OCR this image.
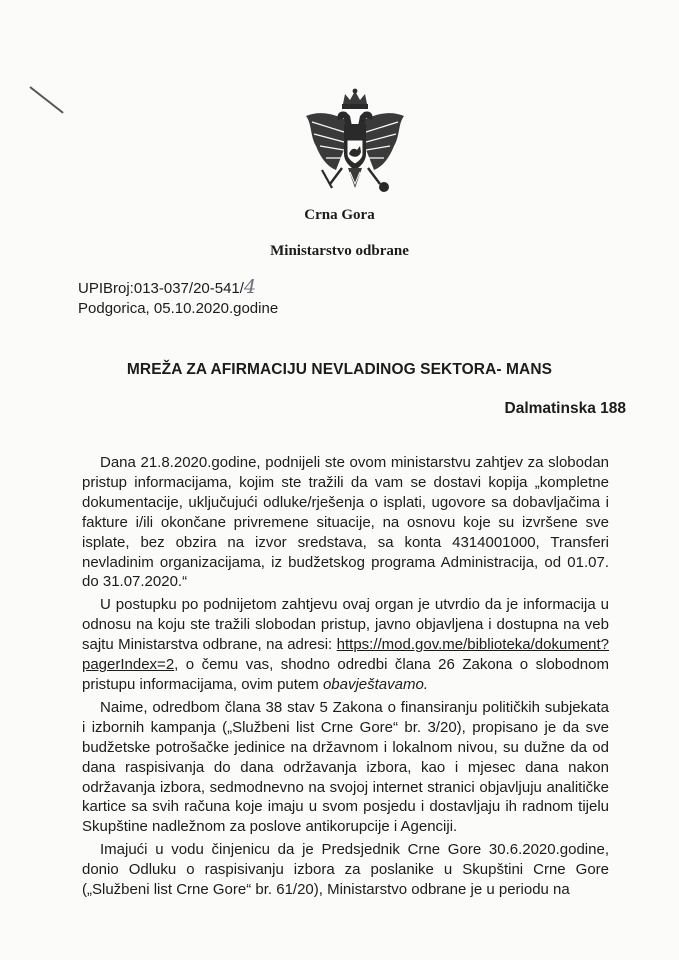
Crna Gora
Ministarstvo odbrane
UPIBroj:013-037/20-541/4
Podgorica, 05.10.2020.godine
MREŽA ZA AFIRMACIJU NEVLADINOG SEKTORA- MANS
Dalmatinska 188

Dana 21.8.2020.godine, podnijeli ste ovom ministarstvu zahtjev za slobodan pristup informacijama, kojim ste tražili da vam se dostavi kopija „kompletne dokumentacije, uključujući odluke/rješenja o isplati, ugovore sa dobavljačima i fakture i/ili okončane privremene situacije, na osnovu koje su izvršene sve isplate, bez obzira na izvor sredstava, sa konta 4314001000, Transferi nevladinim organizacijama, iz budžetskog programa Administracija, od 01.07. do 31.07.2020.“

U postupku po podnijetom zahtjevu ovaj organ je utvrdio da je informacija u odnosu na koju ste tražili slobodan pristup, javno objavljena i dostupna na veb sajtu Ministarstva odbrane, na adresi: https://mod.gov.me/biblioteka/dokument?pagerIndex=2, o čemu vas, shodno odredbi člana 26 Zakona o slobodnom pristupu informacijama, ovim putem obavještavamo.

Naime, odredbom člana 38 stav 5 Zakona o finansiranju političkih subjekata i izbornih kampanja („Službeni list Crne Gore“ br. 3/20), propisano je da sve budžetske potrošačke jedinice na državnom i lokalnom nivou, su dužne da od dana raspisivanja do dana održavanja izbora, kao i mjesec dana nakon održavanja izbora, sedmodnevno na svojoj internet stranici objavljuju analitičke kartice sa svih računa koje imaju u svom posjedu i dostavljaju ih radnom tijelu Skupštine nadležnom za poslove antikorupcije i Agenciji.

Imajući u vodu činjenicu da je Predsjednik Crne Gore 30.6.2020.godine, donio Odluku o raspisivanju izbora za poslanike u Skupštini Crne Gore („Službeni list Crne Gore“ br. 61/20), Ministarstvo odbrane je u periodu na
